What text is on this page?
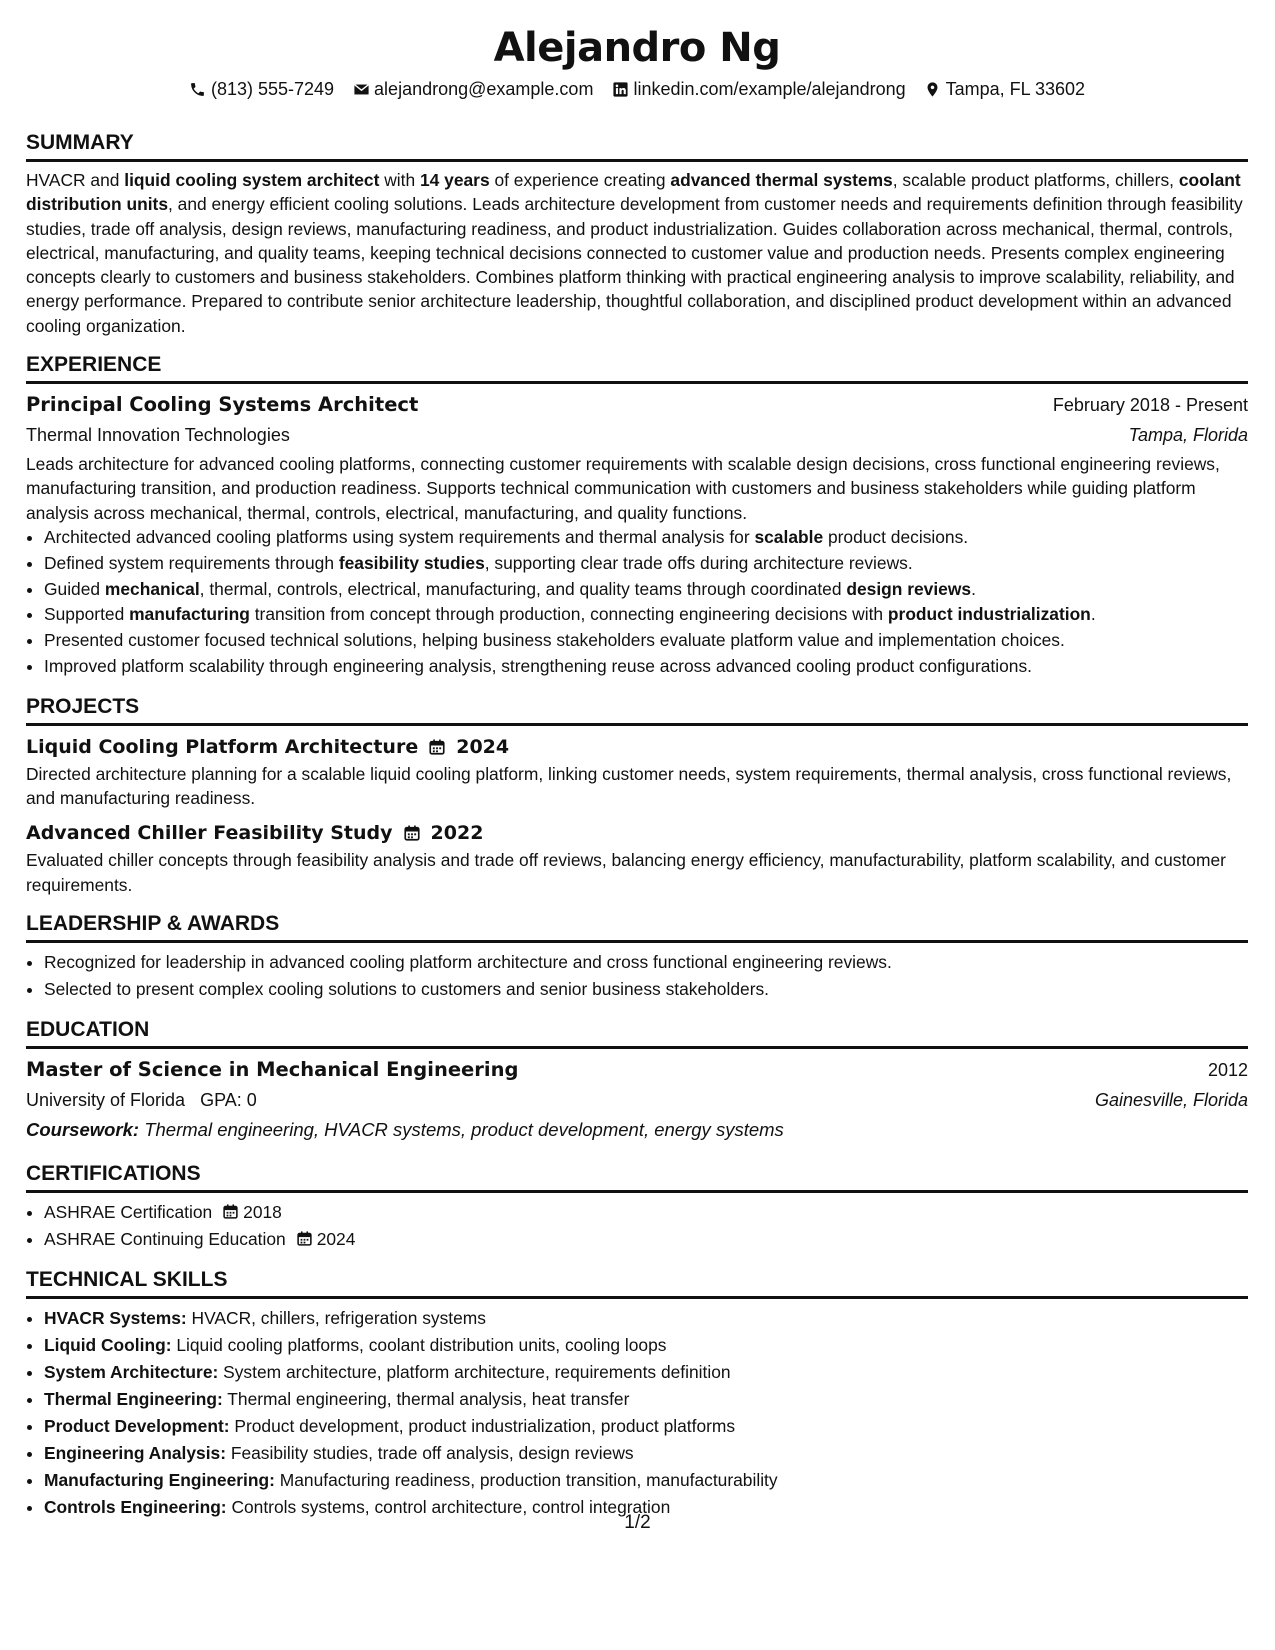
Alejandro Ng
(813) 555-7249 alejandrong@example.com linkedin.com/example/alejandrong Tampa, FL 33602
SUMMARY

HVACR and liquid cooling system architect with 14 years of experience creating advanced thermal systems, scalable product platforms, chillers, coolant distribution units, and energy efficient cooling solutions. Leads architecture development from customer needs and requirements definition through feasibility studies, trade off analysis, design reviews, manufacturing readiness, and product industrialization. Guides collaboration across mechanical, thermal, controls, electrical, manufacturing, and quality teams, keeping technical decisions connected to customer value and production needs. Presents complex engineering concepts clearly to customers and business stakeholders. Combines platform thinking with practical engineering analysis to improve scalability, reliability, and energy performance. Prepared to contribute senior architecture leadership, thoughtful collaboration, and disciplined product development within an advanced cooling organization.

EXPERIENCE
Principal Cooling Systems Architect	February 2018 - Present
Thermal Innovation Technologies	Tampa, Florida

Leads architecture for advanced cooling platforms, connecting customer requirements with scalable design decisions, cross functional engineering reviews, manufacturing transition, and production readiness. Supports technical communication with customers and business stakeholders while guiding platform analysis across mechanical, thermal, controls, electrical, manufacturing, and quality functions.

• Architected advanced cooling platforms using system requirements and thermal analysis for scalable product decisions.
• Defined system requirements through feasibility studies, supporting clear trade offs during architecture reviews.
• Guided mechanical, thermal, controls, electrical, manufacturing, and quality teams through coordinated design reviews.
• Supported manufacturing transition from concept through production, connecting engineering decisions with product industrialization.
• Presented customer focused technical solutions, helping business stakeholders evaluate platform value and implementation choices.
• Improved platform scalability through engineering analysis, strengthening reuse across advanced cooling product configurations.
PROJECTS
Liquid Cooling Platform Architecture 2024

Directed architecture planning for a scalable liquid cooling platform, linking customer needs, system requirements, thermal analysis, cross functional reviews, and manufacturing readiness.

Advanced Chiller Feasibility Study 2022

Evaluated chiller concepts through feasibility analysis and trade off reviews, balancing energy efficiency, manufacturability, platform scalability, and customer requirements.

LEADERSHIP & AWARDS
• Recognized for leadership in advanced cooling platform architecture and cross functional engineering reviews.
• Selected to present complex cooling solutions to customers and senior business stakeholders.
EDUCATION
Master of Science in Mechanical Engineering	2012
University of Florida GPA: 0	Gainesville, Florida
Coursework: Thermal engineering, HVACR systems, product development, energy systems
CERTIFICATIONS
• ASHRAE Certification 2018
• ASHRAE Continuing Education 2024
TECHNICAL SKILLS
• HVACR Systems: HVACR, chillers, refrigeration systems
• Liquid Cooling: Liquid cooling platforms, coolant distribution units, cooling loops
• System Architecture: System architecture, platform architecture, requirements definition
• Thermal Engineering: Thermal engineering, thermal analysis, heat transfer
• Product Development: Product development, product industrialization, product platforms
• Engineering Analysis: Feasibility studies, trade off analysis, design reviews
• Manufacturing Engineering: Manufacturing readiness, production transition, manufacturability
• Controls Engineering: Controls systems, control architecture, control integration
1/2
